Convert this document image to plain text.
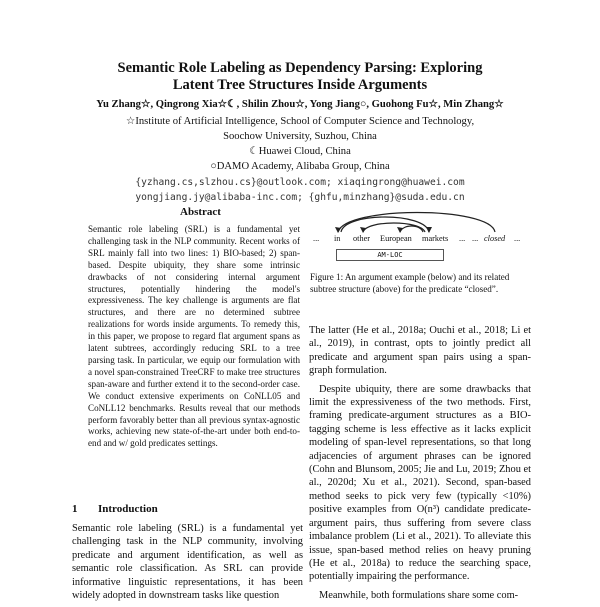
Semantic Role Labeling as Dependency Parsing: Exploring
Latent Tree Structures Inside Arguments
Yu Zhang☆, Qingrong Xia☆☾, Shilin Zhou☆, Yong Jiang○, Guohong Fu☆, Min Zhang☆
☆Institute of Artificial Intelligence, School of Computer Science and Technology,
Soochow University, Suzhou, China
☾Huawei Cloud, China
○DAMO Academy, Alibaba Group, China
{yzhang.cs,slzhou.cs}@outlook.com; xiaqingrong@huawei.com
yongjiang.jy@alibaba-inc.com; {ghfu,minzhang}@suda.edu.cn
Abstract
Semantic role labeling (SRL) is a fundamental yet challenging task in the NLP community. Recent works of SRL mainly fall into two lines: 1) BIO-based; 2) span-based. Despite ubiquity, they share some intrinsic drawbacks of not considering internal argument structures, potentially hindering the model's expressiveness. The key challenge is arguments are flat structures, and there are no determined subtree realizations for words inside arguments. To remedy this, in this paper, we propose to regard flat argument spans as latent subtrees, accordingly reducing SRL to a tree parsing task. In particular, we equip our formulation with a novel span-constrained TreeCRF to make tree structures span-aware and further extend it to the second-order case. We conduct extensive experiments on CoNLL05 and CoNLL12 benchmarks. Results reveal that our methods perform favorably better than all previous syntax-agnostic works, achieving new state-of-the-art under both end-to-end and w/ gold predicates settings.
1 Introduction
Semantic role labeling (SRL) is a fundamental yet challenging task in the NLP community, involving predicate and argument identification, as well as semantic role classification. As SRL can provide informative linguistic representations, it has been widely adopted in downstream tasks like question
... in other European markets ... ... closed ...
AM-LOC
Figure 1: An argument example (below) and its related subtree structure (above) for the predicate “closed”.

The latter (He et al., 2018a; Ouchi et al., 2018; Li et al., 2019), in contrast, opts to jointly predict all predicate and argument span pairs using a span-graph formulation.

Despite ubiquity, there are some drawbacks that limit the expressiveness of the two methods. First, framing predicate-argument structures as a BIO-tagging scheme is less effective as it lacks explicit modeling of span-level representations, so that long adjacencies of argument phrases can be ignored (Cohn and Blunsom, 2005; Jie and Lu, 2019; Zhou et al., 2020d; Xu et al., 2021). Second, span-based method seeks to pick very few (typically <10%) positive examples from O(n³) candidate predicate-argument pairs, thus suffering from severe class imbalance problem (Li et al., 2021). To alleviate this issue, span-based method relies on heavy pruning (He et al., 2018a) to reduce the searching space, potentially impairing the performance.

Meanwhile, both formulations share some com-
